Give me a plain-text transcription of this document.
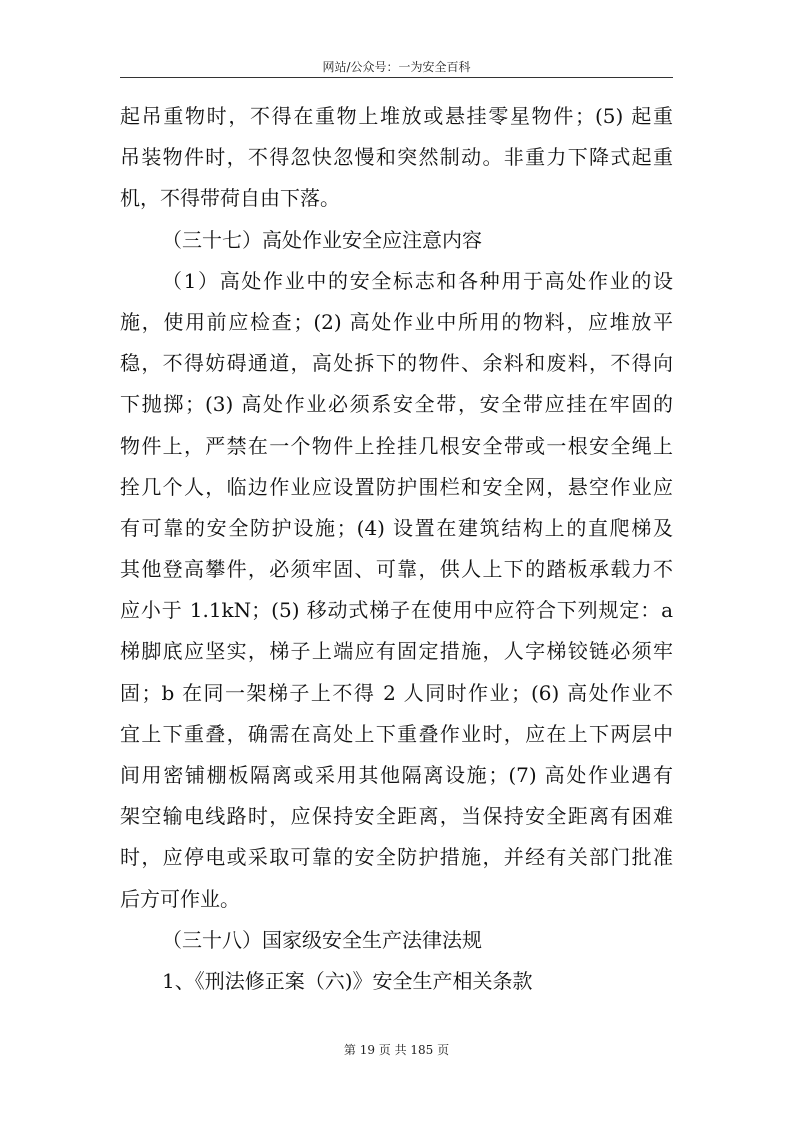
网站/公众号：一为安全百科
起吊重物时，不得在重物上堆放或悬挂零星物件；(5) 起重
吊装物件时，不得忽快忽慢和突然制动。非重力下降式起重
机，不得带荷自由下落。
（三十七）高处作业安全应注意内容
（1）高处作业中的安全标志和各种用于高处作业的设
施，使用前应检查；(2) 高处作业中所用的物料，应堆放平
稳，不得妨碍通道，高处拆下的物件、余料和废料，不得向
下抛掷；(3) 高处作业必须系安全带，安全带应挂在牢固的
物件上，严禁在一个物件上拴挂几根安全带或一根安全绳上
拴几个人，临边作业应设置防护围栏和安全网，悬空作业应
有可靠的安全防护设施；(4) 设置在建筑结构上的直爬梯及
其他登高攀件，必须牢固、可靠，供人上下的踏板承载力不
应小于 1.1kN；(5) 移动式梯子在使用中应符合下列规定：a
梯脚底应坚实，梯子上端应有固定措施，人字梯铰链必须牢
固；b 在同一架梯子上不得 2 人同时作业；(6) 高处作业不
宜上下重叠，确需在高处上下重叠作业时，应在上下两层中
间用密铺棚板隔离或采用其他隔离设施；(7) 高处作业遇有
架空输电线路时，应保持安全距离，当保持安全距离有困难
时，应停电或采取可靠的安全防护措施，并经有关部门批准
后方可作业。
（三十八）国家级安全生产法律法规
1、《刑法修正案（六)》安全生产相关条款
第 19 页 共 185 页
